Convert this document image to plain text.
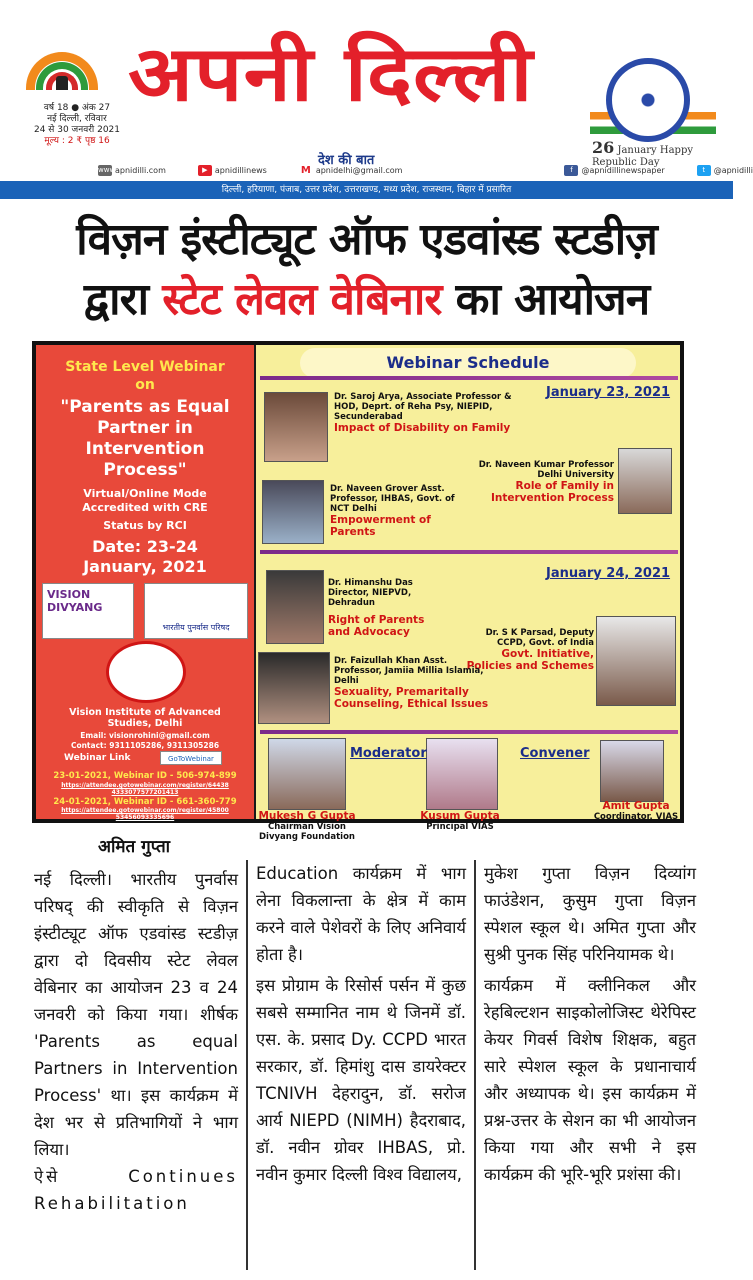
वर्ष 18 ● अंक 27
नई दिल्ली, रविवार
24 से 30 जनवरी 2021
मूल्य : 2 ₹ पृष्ठ 16
अपनी दिल्ली
देश की बात
26 January Happy Republic Day
www apnidilli.com	▶ apnidillinews	M apnidelhi@gmail.com	f	@apnidillinewspaper	t	@apnidilli
दिल्ली, हरियाणा, पंजाब, उत्तर प्रदेश, उत्तराखण्ड, मध्य प्रदेश, राजस्थान, बिहार में प्रसारित
विज़न इंस्टीट्यूट ऑफ एडवांस्ड स्टडीज़
द्वारा स्टेट लेवल वेबिनार का आयोजन
State Level Webinar
on
"Parents as Equal Partner in Intervention Process"
Virtual/Online Mode
Accredited with CRE
Status by RCI
Date: 23-24
January, 2021
VISION DIVYANG
भारतीय पुनर्वास परिषद
Vision Institute of Advanced Studies, Delhi
Email: visionrohini@gmail.com
Contact: 9311105286, 9311305286
Webinar Link	GoToWebinar
23-01-2021, Webinar ID - 506-974-899
https://attendee.gotowebinar.com/register/64438 4333077577201413
24-01-2021, Webinar ID - 661-360-779
https://attendee.gotowebinar.com/register/45800 53456093335696
Webinar Schedule
January 23, 2021
January 24, 2021
Dr. Saroj Arya, Associate Professor & HOD, Deprt. of Reha Psy, NIEPID, Secunderabad
Impact of Disability on Family
Dr. Naveen Kumar Professor Delhi University
Role of Family in Intervention Process
Dr. Naveen Grover Asst. Professor, IHBAS, Govt. of NCT Delhi
Empowerment of Parents
Dr. Himanshu Das Director, NIEPVD, Dehradun
Right of Parents and Advocacy	Dr. S K Parsad, Deputy CCPD, Govt. of India
Govt. Initiative, Policies and Schemes
Dr. Faizullah Khan Asst. Professor, Jamiia Millia Islamia, Delhi
Sexuality, Premaritally Counseling, Ethical Issues
Moderator	Convener
Mukesh G Gupta
Chairman Vision Divyang Foundation
Kusum Gupta
Principal VIAS
Amit Gupta
Coordinator, VIAS
अमित गुप्ता

नई दिल्ली। भारतीय पुनर्वास परिषद् की स्वीकृति से विज़न इंस्टीट्यूट ऑफ एडवांस्ड स्टडीज़ द्वारा दो दिवसीय स्टेट लेवल वेबिनार का आयोजन 23 व 24 जनवरी को किया गया। शीर्षक 'Parents as equal Partners in Intervention Process' था। इस कार्यक्रम में देश भर से प्रतिभागियों ने भाग लिया।

ऐसे Continues Rehabilitation

Education कार्यक्रम में भाग लेना विकलान्ता के क्षेत्र में काम करने वाले पेशेवरों के लिए अनिवार्य होता है।

इस प्रोग्राम के रिसोर्स पर्सन में कुछ सबसे सम्मानित नाम थे जिनमें डॉ. एस. के. प्रसाद Dy. CCPD भारत सरकार, डॉ. हिमांशु दास डायरेक्टर TCNIVH देहरादुन, डॉ. सरोज आर्य NIEPD (NIMH) हैदराबाद, डॉ. नवीन ग्रोवर IHBAS, प्रो. नवीन कुमार दिल्ली विश्व विद्यालय,

मुकेश गुप्ता विज़न दिव्यांग फाउंडेशन, कुसुम गुप्ता विज़न स्पेशल स्कूल थे। अमित गुप्ता और सुश्री पुनक सिंह परिनियामक थे।

कार्यक्रम में क्लीनिकल और रेहबिल्टशन साइकोलोजिस्ट थेरेपिस्ट केयर गिवर्स विशेष शिक्षक, बहुत सारे स्पेशल स्कूल के प्रधानाचार्य और अध्यापक थे। इस कार्यक्रम में प्रश्न-उत्तर के सेशन का भी आयोजन किया गया और सभी ने इस कार्यक्रम की भूरि-भूरि प्रशंसा की।
